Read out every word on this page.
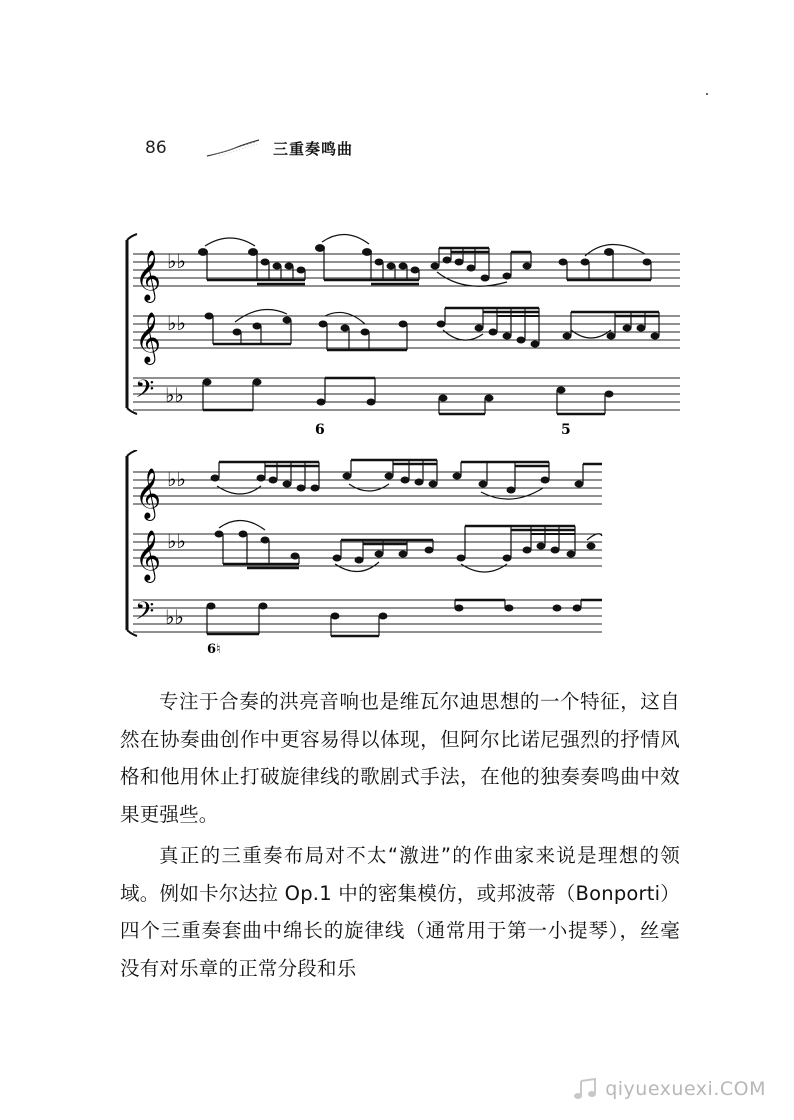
86	三重奏鸣曲
𝄞 ♭♭
𝄞 ♭♭
𝄢 ♭♭
6	5
𝄞 ♭♭
𝄞 ♭♭
𝄢 ♭♭
6♮

专注于合奏的洪亮音响也是维瓦尔迪思想的一个特征，这自然在协奏曲创作中更容易得以体现，但阿尔比诺尼强烈的抒情风格和他用休止打破旋律线的歌剧式手法，在他的独奏奏鸣曲中效果更强些。

真正的三重奏布局对不太“激进”的作曲家来说是理想的领域。例如卡尔达拉 Op.1 中的密集模仿，或邦波蒂（Bonporti）四个三重奏套曲中绵长的旋律线（通常用于第一小提琴），丝毫没有对乐章的正常分段和乐

qiyuexuexi.COM
